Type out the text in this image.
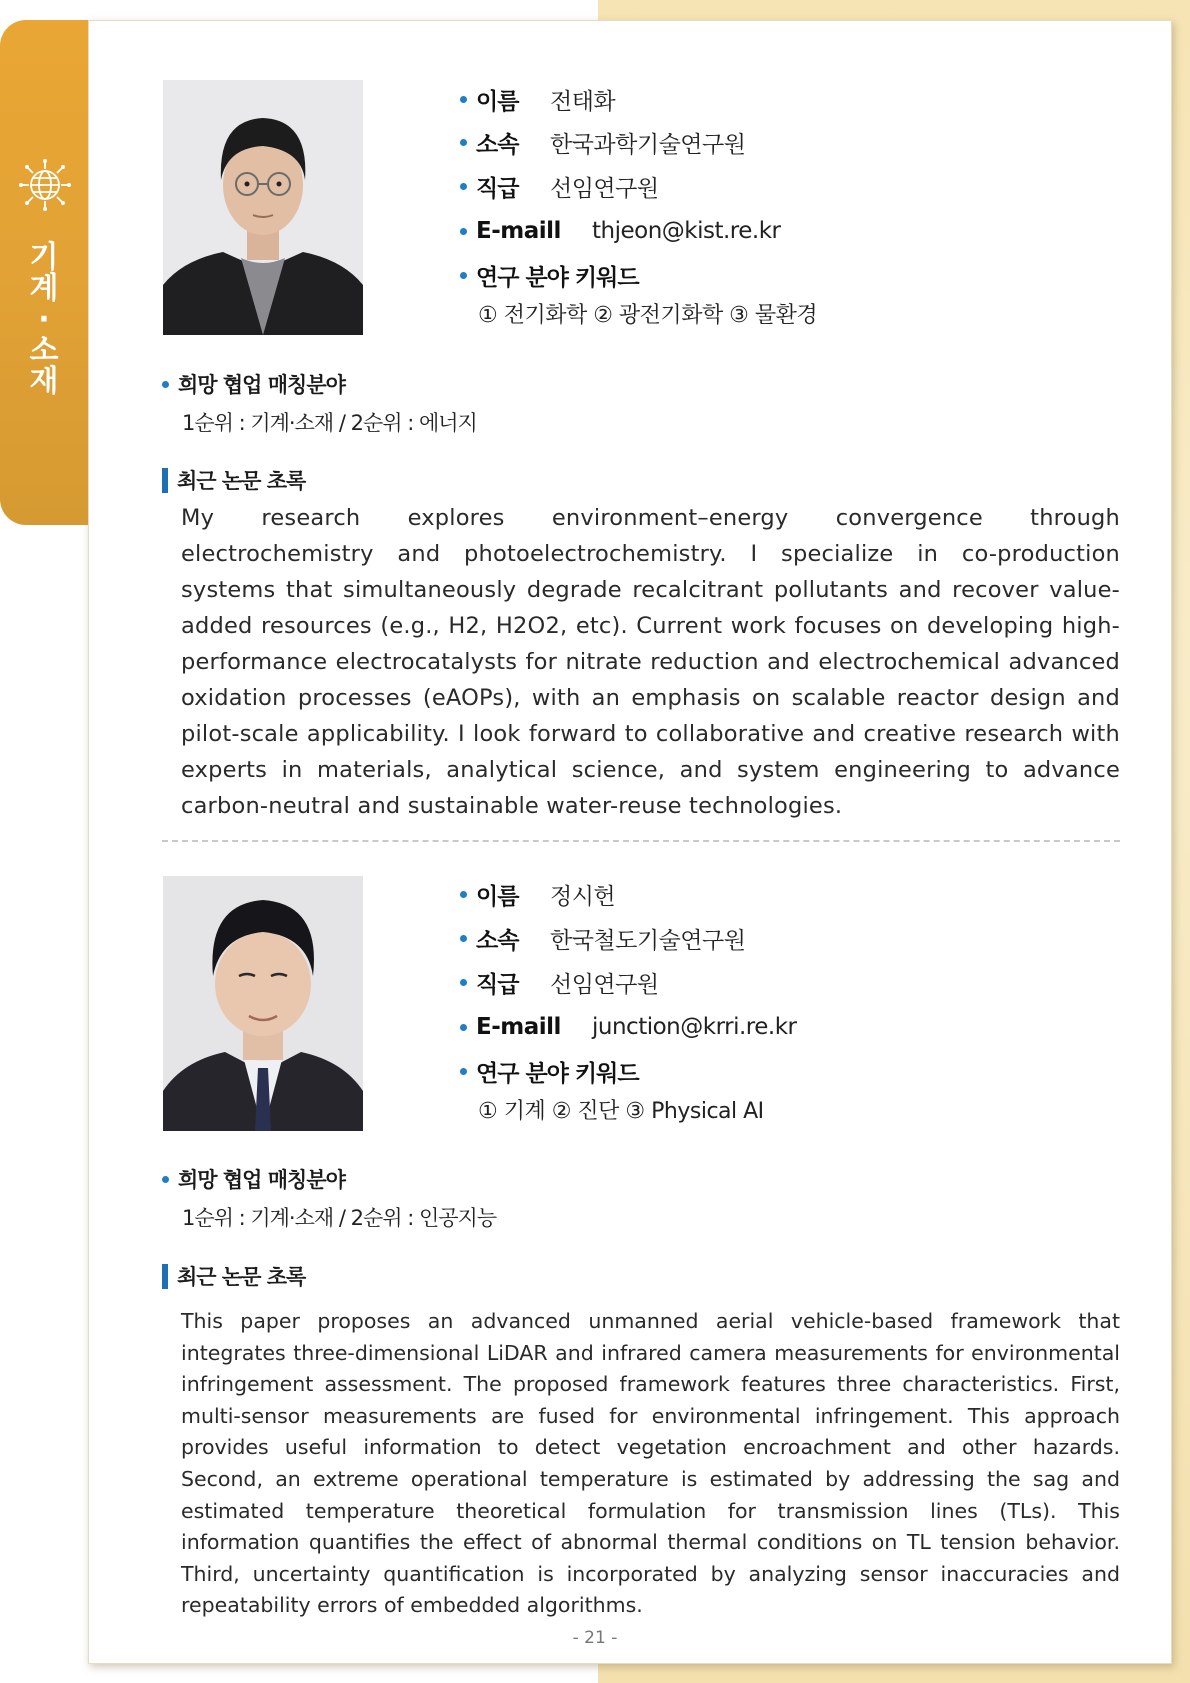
기
계
·
소
재
이름	전태화
소속	한국과학기술연구원
직급	선임연구원
E-maill	thjeon@kist.re.kr
연구 분야 키워드
① 전기화학 ② 광전기화학 ③ 물환경
희망 협업 매칭분야
1순위 : 기계·소재 / 2순위 : 에너지
최근 논문 초록
My research explores environment–energy convergence through electrochemistry and photoelectrochemistry. I specialize in co-production systems that simultaneously degrade recalcitrant pollutants and recover value-added resources (e.g., H2, H2O2, etc). Current work focuses on developing high-performance electrocatalysts for nitrate reduction and electrochemical advanced oxidation processes (eAOPs), with an emphasis on scalable reactor design and pilot-scale applicability. I look forward to collaborative and creative research with experts in materials, analytical science, and system engineering to advance carbon-neutral and sustainable water-reuse technologies.
이름	정시헌
소속	한국철도기술연구원
직급	선임연구원
E-maill	junction@krri.re.kr
연구 분야 키워드
① 기계 ② 진단 ③ Physical AI
희망 협업 매칭분야
1순위 : 기계·소재 / 2순위 : 인공지능
최근 논문 초록
This paper proposes an advanced unmanned aerial vehicle-based framework that integrates three-dimensional LiDAR and infrared camera measurements for environmental infringement assessment. The proposed framework features three characteristics. First, multi-sensor measurements are fused for environmental infringement. This approach provides useful information to detect vegetation encroachment and other hazards. Second, an extreme operational temperature is estimated by addressing the sag and estimated temperature theoretical formulation for transmission lines (TLs). This information quantifies the effect of abnormal thermal conditions on TL tension behavior. Third, uncertainty quantification is incorporated by analyzing sensor inaccuracies and repeatability errors of embedded algorithms.
- 21 -
